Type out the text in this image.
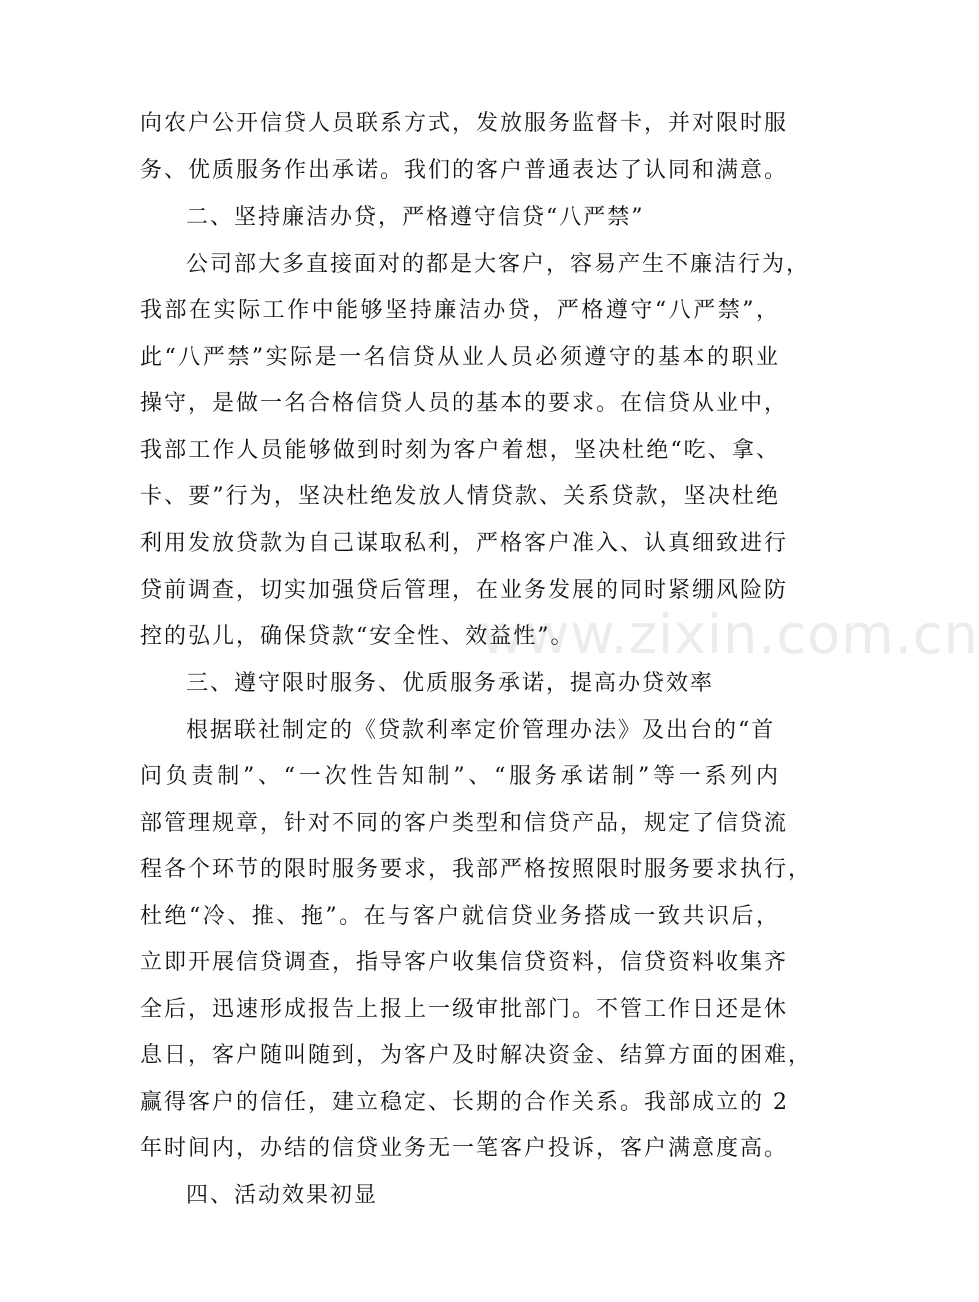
www.zixin.com.cn
向农户公开信贷人员联系方式，发放服务监督卡，并对限时服
务、优质服务作出承诺。我们的客户普通表达了认同和满意。
二、坚持廉洁办贷，严格遵守信贷“八严禁”
公司部大多直接面对的都是大客户，容易产生不廉洁行为，
我部在实际工作中能够坚持廉洁办贷，严格遵守“八严禁”，
此“八严禁”实际是一名信贷从业人员必须遵守的基本的职业
操守，是做一名合格信贷人员的基本的要求。在信贷从业中，
我部工作人员能够做到时刻为客户着想，坚决杜绝“吃、拿、
卡、要”行为，坚决杜绝发放人情贷款、关系贷款，坚决杜绝
利用发放贷款为自己谋取私利，严格客户准入、认真细致进行
贷前调查，切实加强贷后管理，在业务发展的同时紧绷风险防
控的弘儿，确保贷款“安全性、效益性”。
三、遵守限时服务、优质服务承诺，提高办贷效率
根据联社制定的《贷款利率定价管理办法》及出台的“首
问负责制”、“一次性告知制”、“服务承诺制”等一系列内
部管理规章，针对不同的客户类型和信贷产品，规定了信贷流
程各个环节的限时服务要求，我部严格按照限时服务要求执行，
杜绝“冷、推、拖”。在与客户就信贷业务搭成一致共识后，
立即开展信贷调查，指导客户收集信贷资料，信贷资料收集齐
全后，迅速形成报告上报上一级审批部门。不管工作日还是休
息日，客户随叫随到，为客户及时解决资金、结算方面的困难，
赢得客户的信任，建立稳定、长期的合作关系。我部成立的 2
年时间内，办结的信贷业务无一笔客户投诉，客户满意度高。
四、活动效果初显
